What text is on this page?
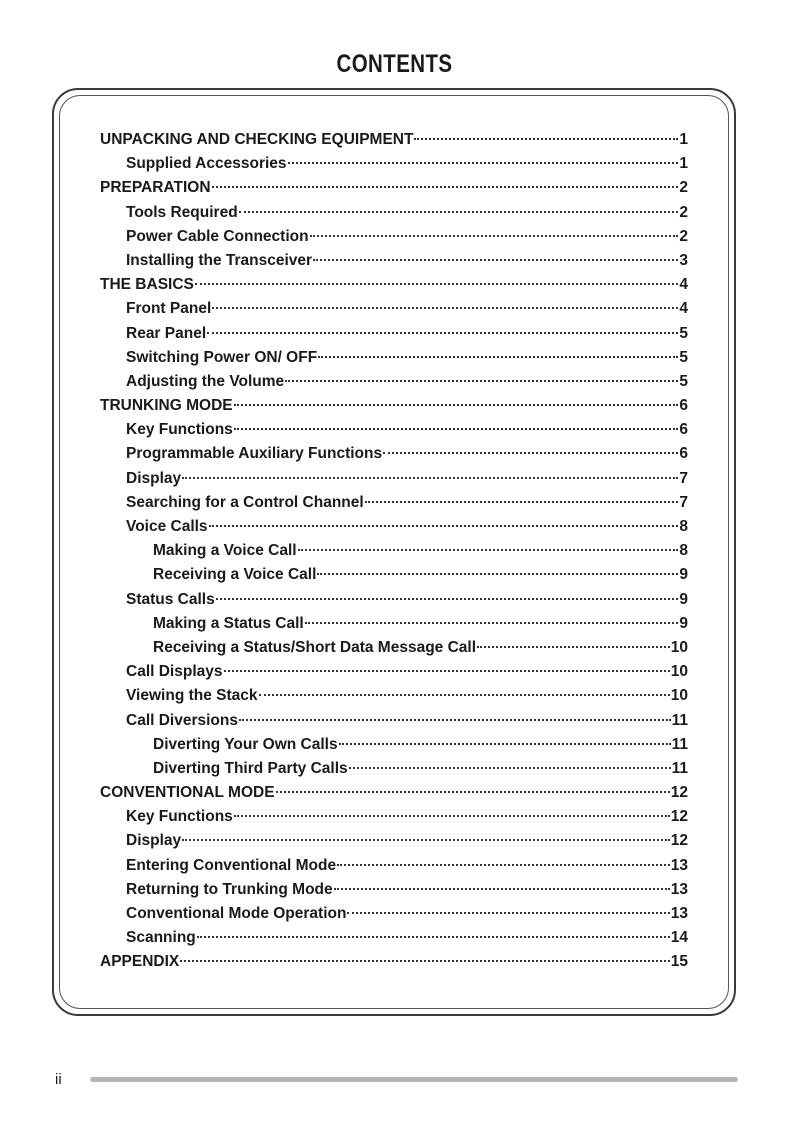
CONTENTS
UNPACKING AND CHECKING EQUIPMENT	1
Supplied Accessories	1
PREPARATION	2
Tools Required	2
Power Cable Connection	2
Installing the Transceiver	3
THE BASICS	4
Front Panel	4
Rear Panel	5
Switching Power ON/ OFF	5
Adjusting the Volume	5
TRUNKING MODE	6
Key Functions	6
Programmable Auxiliary Functions	6
Display	7
Searching for a Control Channel	7
Voice Calls	8
Making a Voice Call	8
Receiving a Voice Call	9
Status Calls	9
Making a Status Call	9
Receiving a Status/Short Data Message Call	10
Call Displays	10
Viewing the Stack	10
Call Diversions	11
Diverting Your Own Calls	11
Diverting Third Party Calls	11
CONVENTIONAL MODE	12
Key Functions	12
Display	12
Entering Conventional Mode	13
Returning to Trunking Mode	13
Conventional Mode Operation	13
Scanning	14
APPENDIX	15
ii
